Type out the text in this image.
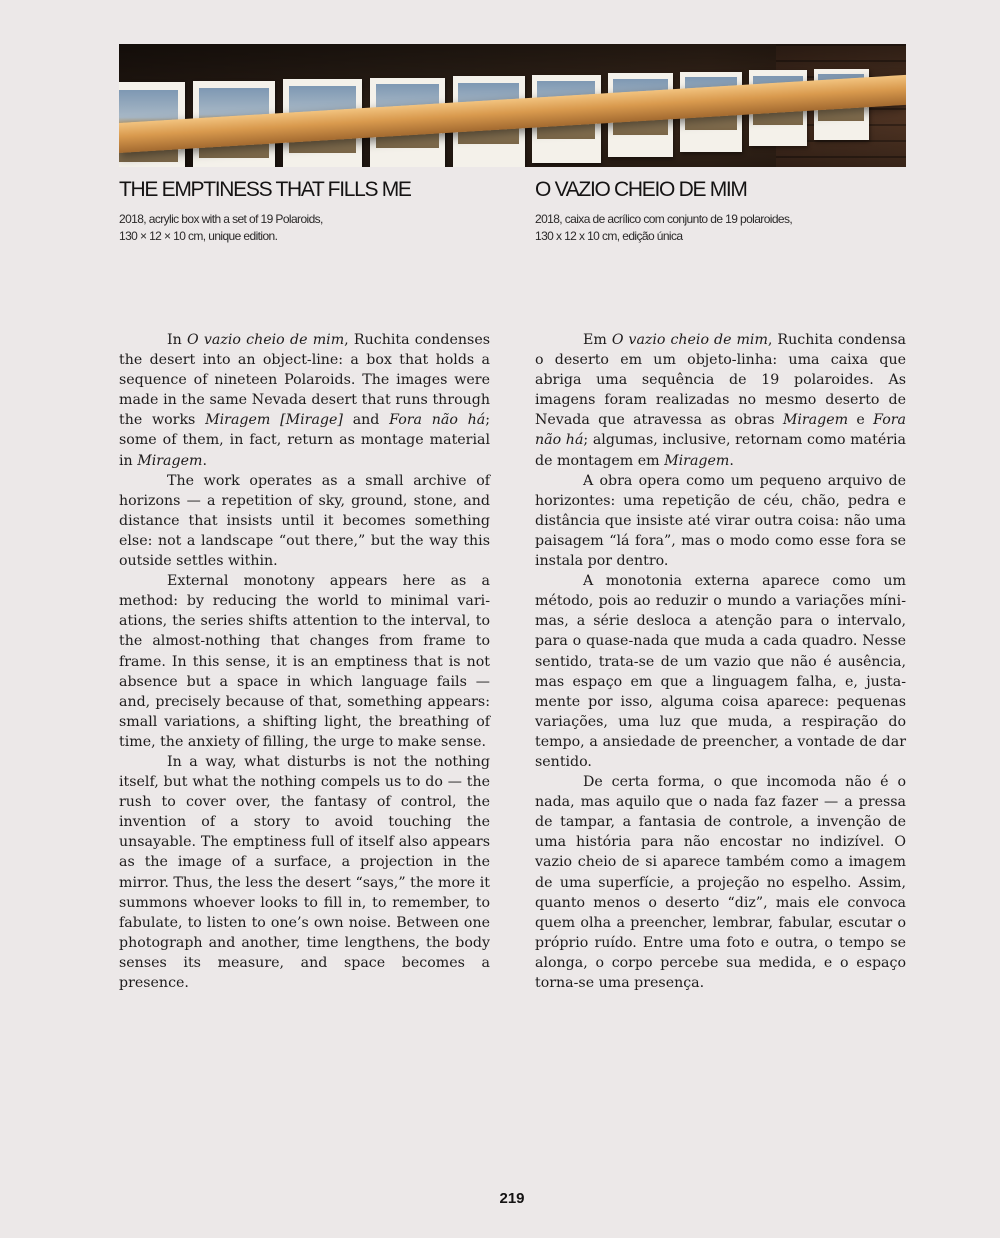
THE EMPTINESS THAT FILLS ME
2018, acrylic box with a set of 19 Polaroids,
130 × 12 × 10 cm, unique edition.
O VAZIO CHEIO DE MIM
2018, caixa de acrílico com conjunto de 19 polaroides,
130 x 12 x 10 cm, edição única

In O vazio cheio de mim, Ruchita condenses the desert into an object-line: a box that holds a sequence of nineteen Polaroids. The images were made in the same Nevada desert that runs through the works Miragem [Mirage] and Fora não há; some of them, in fact, return as montage material in Miragem.

The work operates as a small archive of horizons — a repetition of sky, ground, stone, and distance that insists until it becomes something else: not a landscape “out there,” but the way this outside settles within.

External monotony appears here as a method: by reducing the world to minimal variations, the series shifts attention to the interval, to the almost-nothing that changes from frame to frame. In this sense, it is an emptiness that is not absence but a space in which language fails — and, precisely because of that, something appears: small variations, a shifting light, the breathing of time, the anxiety of filling, the urge to make sense.

In a way, what disturbs is not the nothing itself, but what the nothing compels us to do — the rush to cover over, the fantasy of control, the invention of a story to avoid touching the unsayable. The emptiness full of itself also appears as the image of a surface, a projection in the mirror. Thus, the less the desert “says,” the more it summons whoever looks to fill in, to remember, to fabulate, to listen to one’s own noise. Between one photograph and another, time lengthens, the body senses its measure, and space becomes a presence.

Em O vazio cheio de mim, Ruchita condensa o deserto em um objeto-linha: uma caixa que abriga uma sequência de 19 polaroides. As imagens foram realizadas no mesmo deserto de Nevada que atravessa as obras Miragem e Fora não há; algumas, inclusive, retornam como matéria de montagem em Miragem.

A obra opera como um pequeno arquivo de horizontes: uma repetição de céu, chão, pedra e distância que insiste até virar outra coisa: não uma paisagem “lá fora”, mas o modo como esse fora se instala por dentro.

A monotonia externa aparece como um método, pois ao reduzir o mundo a variações mínimas, a série desloca a atenção para o intervalo, para o quase-nada que muda a cada quadro. Nesse sentido, trata-se de um vazio que não é ausência, mas espaço em que a linguagem falha, e, justamente por isso, alguma coisa aparece: pequenas variações, uma luz que muda, a respiração do tempo, a ansiedade de preencher, a vontade de dar sentido.

De certa forma, o que incomoda não é o nada, mas aquilo que o nada faz fazer — a pressa de tampar, a fantasia de controle, a invenção de uma história para não encostar no indizível. O vazio cheio de si aparece também como a imagem de uma superfície, a projeção no espelho. Assim, quanto menos o deserto “diz”, mais ele convoca quem olha a preencher, lembrar, fabular, escutar o próprio ruído. Entre uma foto e outra, o tempo se alonga, o corpo percebe sua medida, e o espaço torna-se uma presença.

219
